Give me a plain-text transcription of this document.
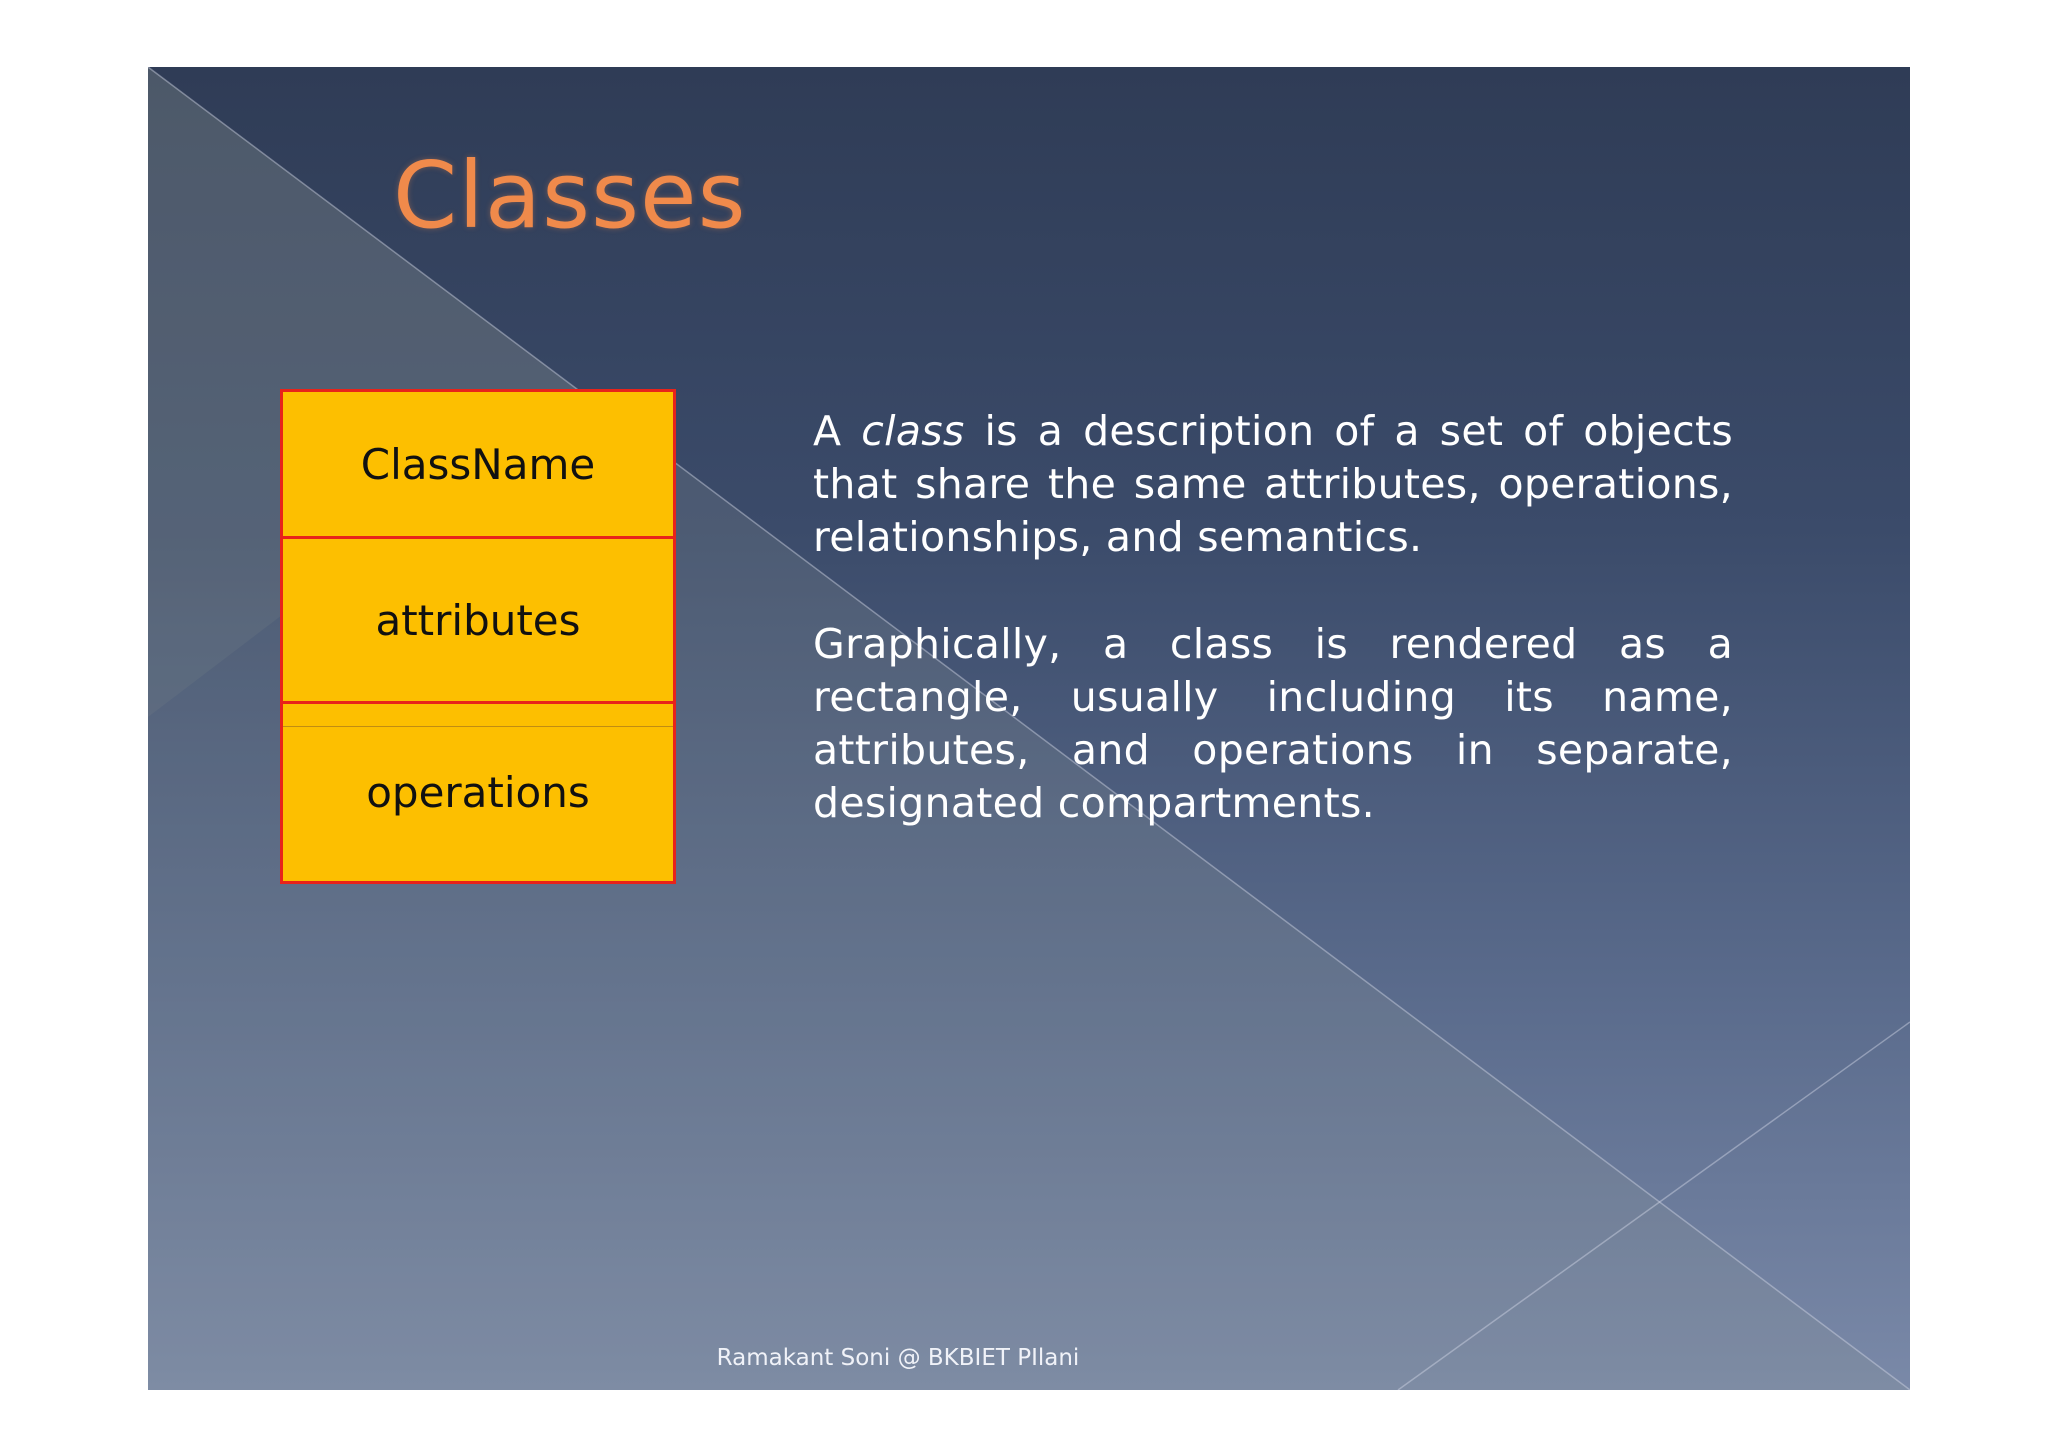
Classes
ClassName
attributes
operations

A class is a description of a set of objects that share the same attributes, operations, relationships, and semantics.

Graphically, a class is rendered as a rectangle, usually including its name, attributes, and operations in separate, designated compartments.

Ramakant Soni @ BKBIET PIlani
